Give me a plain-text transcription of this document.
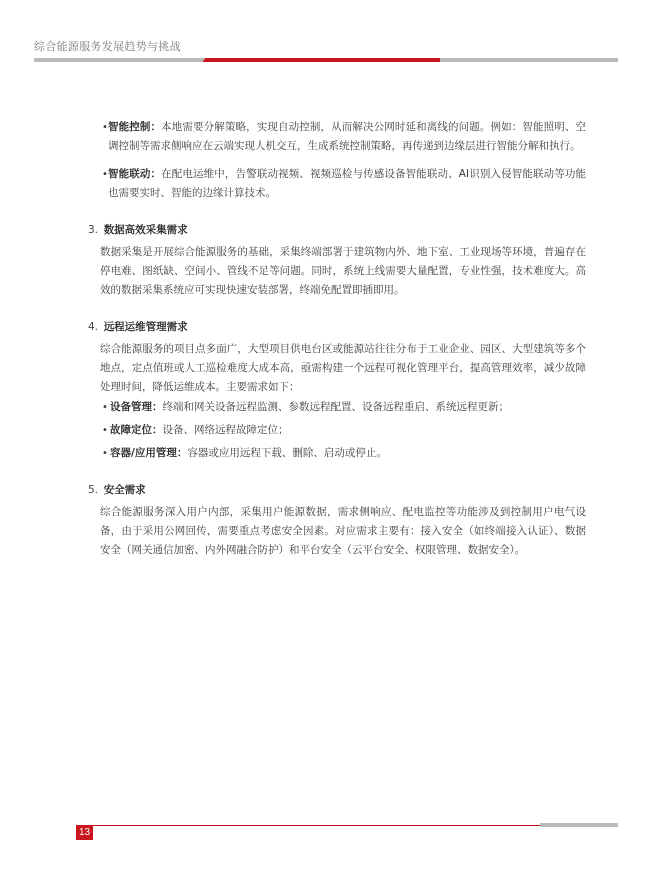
综合能源服务发展趋势与挑战
•
智能控制：本地需要分解策略，实现自动控制，从而解决公网时延和离线的问题。例如：智能照明、空调控制等需求侧响应在云端实现人机交互，生成系统控制策略，再传递到边缘层进行智能分解和执行。
•
智能联动：在配电运维中，告警联动视频、视频巡检与传感设备智能联动、AI识别入侵智能联动等功能也需要实时、智能的边缘计算技术。
3. 数据高效采集需求
数据采集是开展综合能源服务的基础，采集终端部署于建筑物内外、地下室、工业现场等环境，普遍存在停电难、图纸缺、空间小、管线不足等问题。同时，系统上线需要大量配置，专业性强，技术难度大。高效的数据采集系统应可实现快速安装部署，终端免配置即插即用。
4. 远程运维管理需求
综合能源服务的项目点多面广，大型项目供电台区或能源站往往分布于工业企业、园区、大型建筑等多个地点，定点值班或人工巡检难度大成本高，亟需构建一个远程可视化管理平台，提高管理效率，减少故障处理时间，降低运维成本。主要需求如下：
•
设备管理：终端和网关设备远程监测、参数远程配置、设备远程重启、系统远程更新；
•
故障定位：设备、网络远程故障定位；
•
容器/应用管理：容器或应用远程下载、删除、启动或停止。
5. 安全需求
综合能源服务深入用户内部，采集用户能源数据，需求侧响应、配电监控等功能涉及到控制用户电气设备，由于采用公网回传，需要重点考虑安全因素。对应需求主要有：接入安全（如终端接入认证）、数据安全（网关通信加密、内外网融合防护）和平台安全（云平台安全、权限管理、数据安全）。
13
